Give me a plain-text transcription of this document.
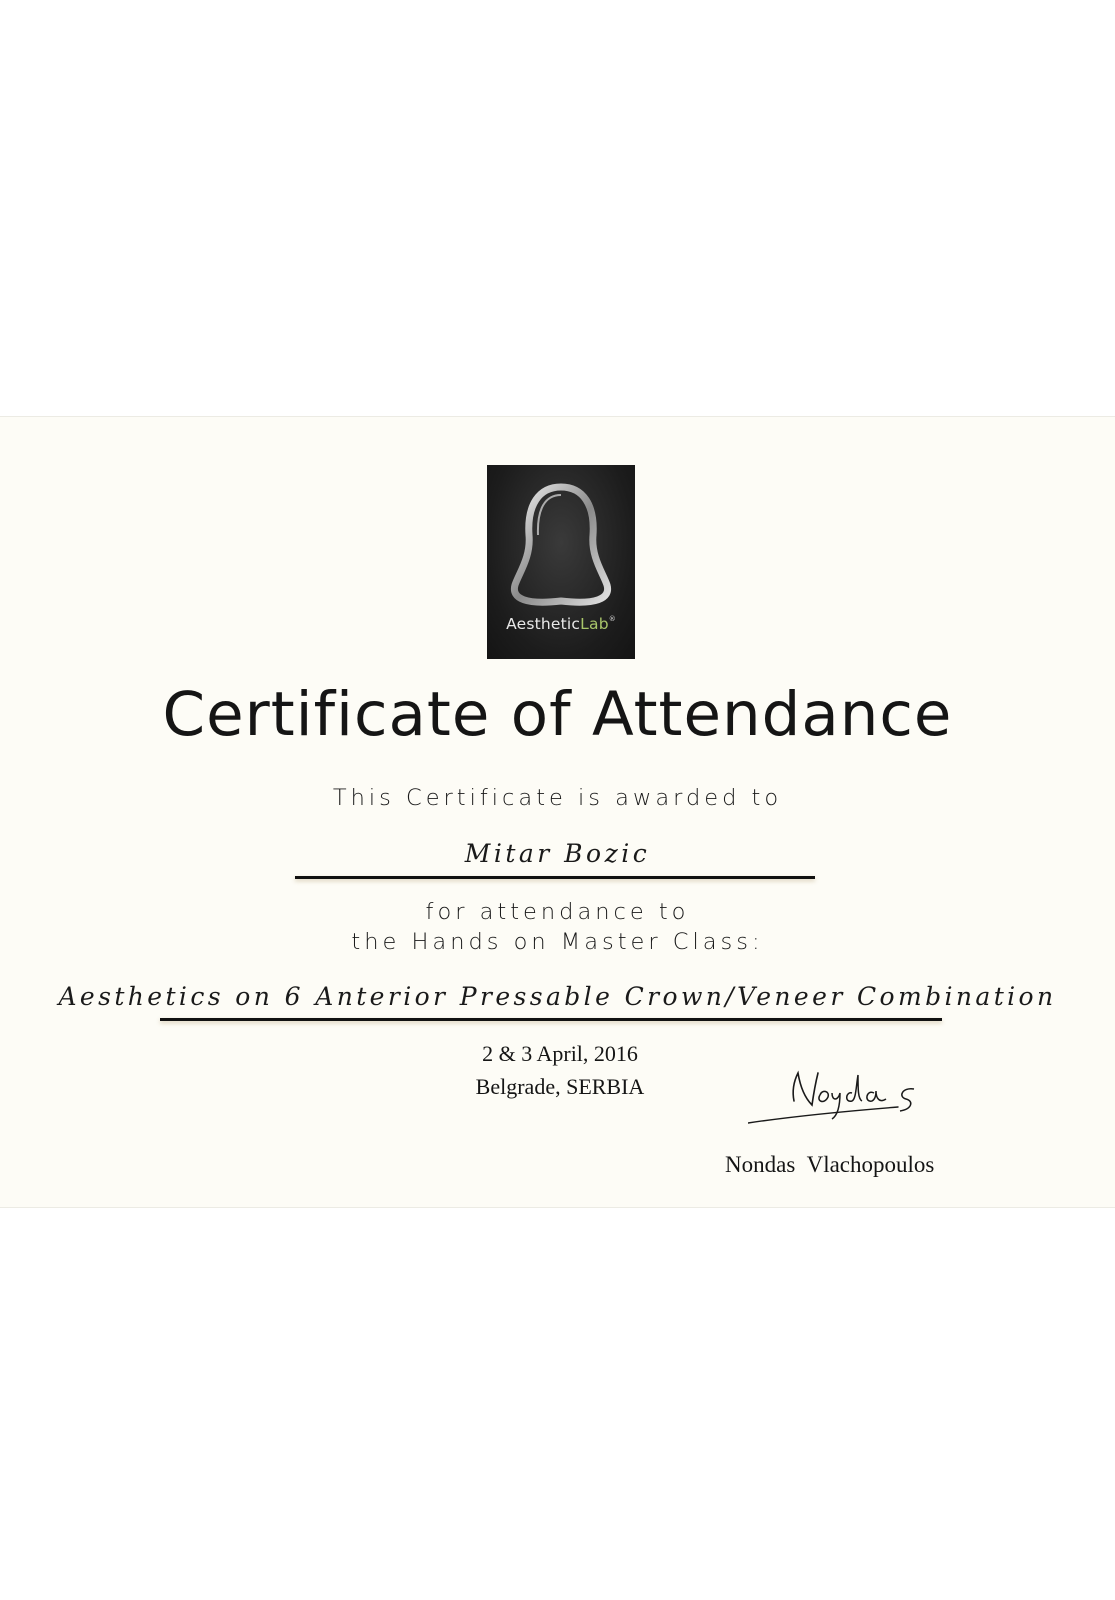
AestheticLab®
Certificate of Attendance
This Certificate is awarded to
Mitar Bozic
for attendance to
the Hands on Master Class:
Aesthetics on 6 Anterior Pressable Crown/Veneer Combination
2 & 3 April, 2016
Belgrade, SERBIA
Nondas Vlachopoulos
